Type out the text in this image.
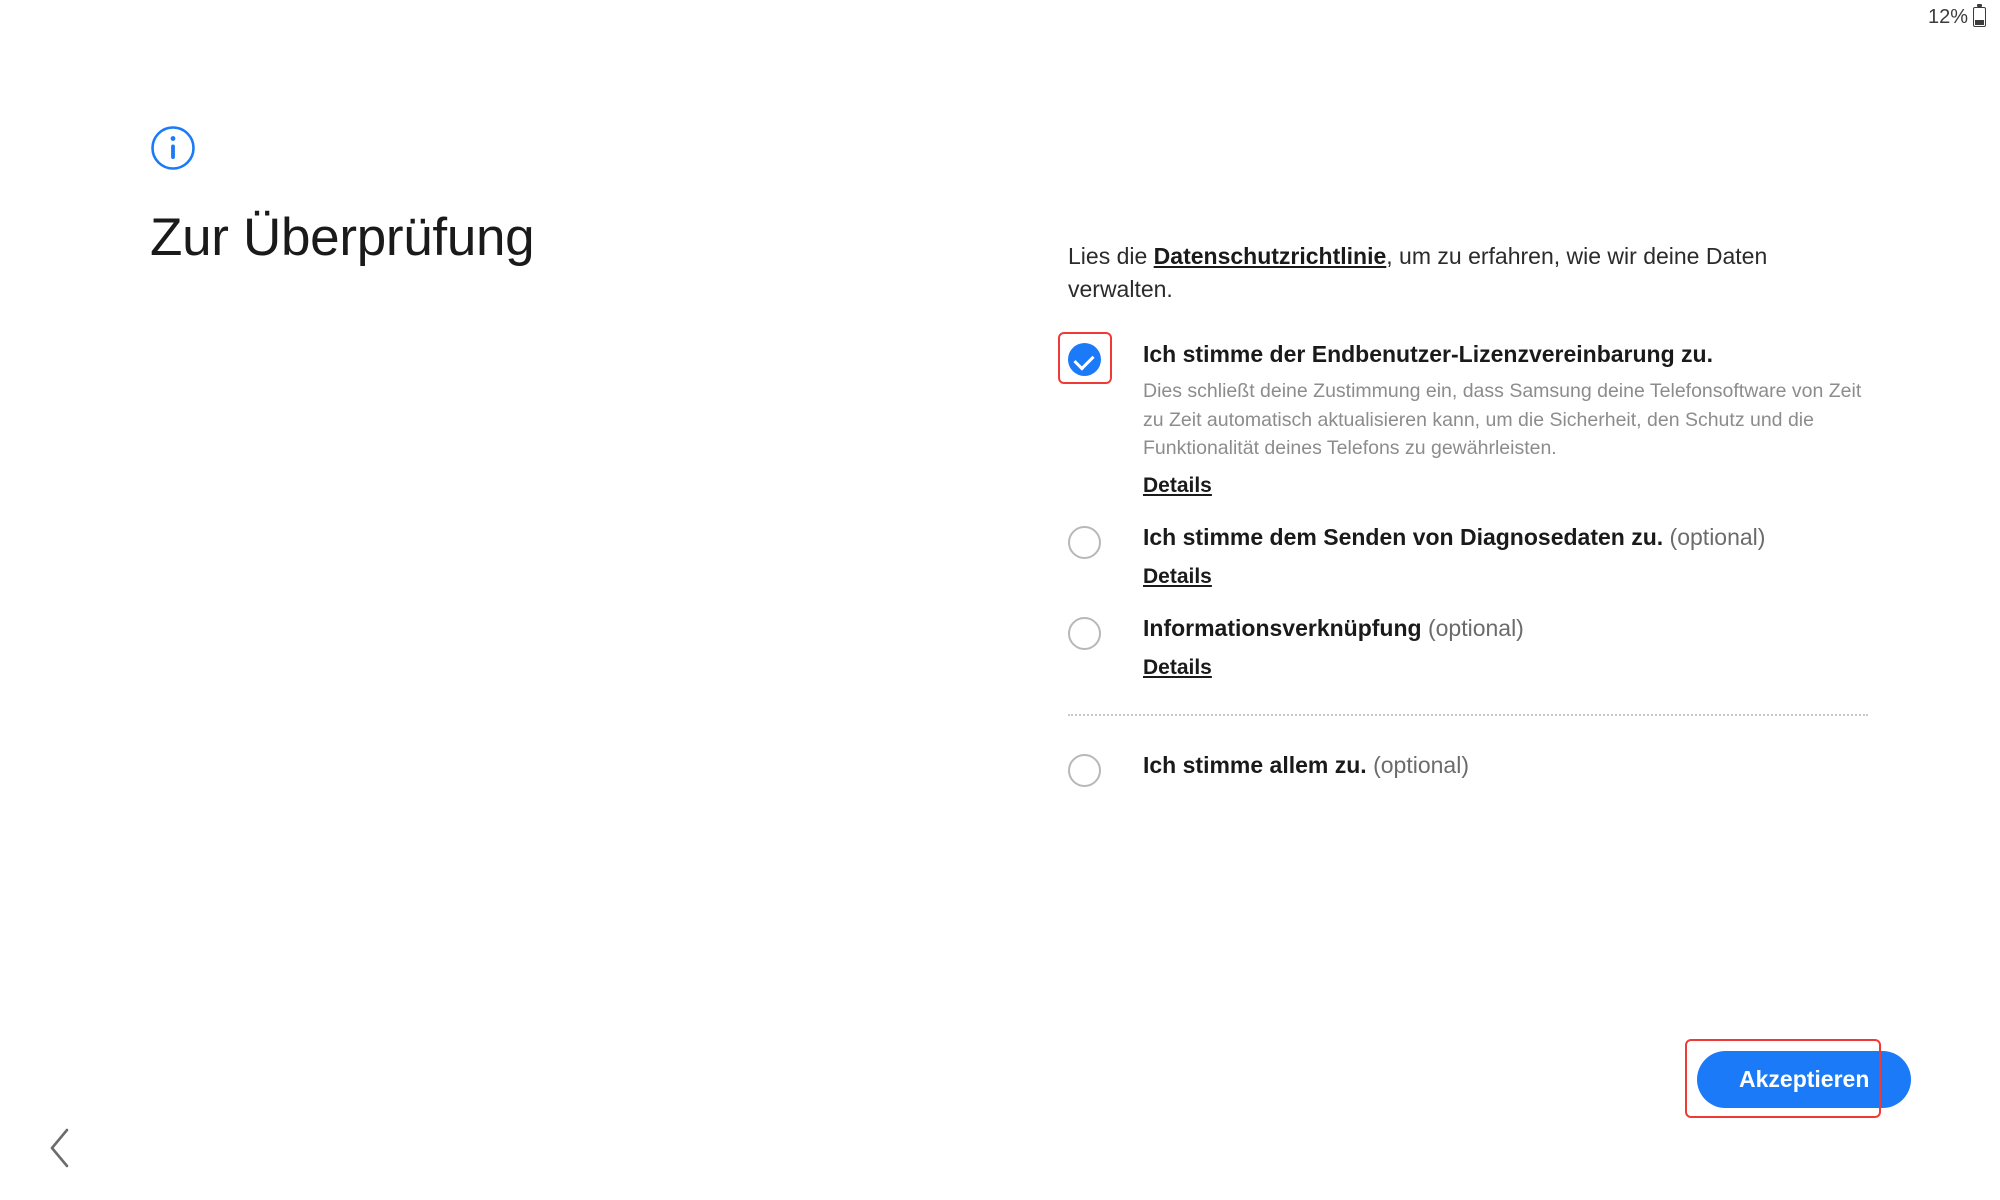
12%
Zur Überprüfung	Lies die Datenschutzrichtlinie, um zu erfahren, wie wir deine Daten verwalten.

Ich stimme der Endbenutzer-Lizenzvereinbarung zu.

Dies schließt deine Zustimmung ein, dass Samsung deine Telefonsoftware von Zeit zu Zeit automatisch aktualisieren kann, um die Sicherheit, den Schutz und die Funktionalität deines Telefons zu gewährleisten.

Details

Ich stimme dem Senden von Diagnosedaten zu. (optional)

Details

Informationsverknüpfung (optional)

Details

Ich stimme allem zu. (optional)

Akzeptieren
